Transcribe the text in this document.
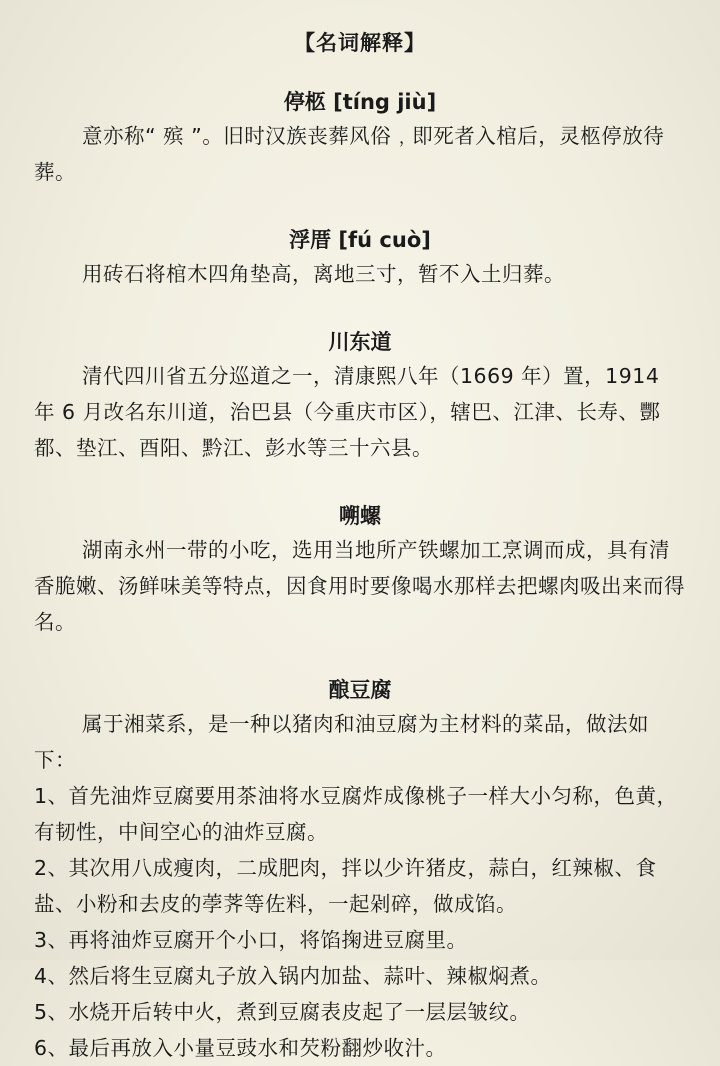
【名词解释】
停柩 [tíng jiù]

意亦称“ 殡 ”。旧时汉族丧葬风俗﹐即死者入棺后，灵柩停放待葬。

浮厝 [fú cuò]

用砖石将棺木四角垫高，离地三寸，暂不入土归葬。

川东道

清代四川省五分巡道之一，清康熙八年（1669 年）置，1914 年 6 月改名东川道，治巴县（今重庆市区），辖巴、江津、长寿、酆都、垫江、酉阳、黔江、彭水等三十六县。

嗍螺

湖南永州一带的小吃，选用当地所产铁螺加工烹调而成，具有清香脆嫩、汤鲜味美等特点，因食用时要像喝水那样去把螺肉吸出来而得名。

酿豆腐

属于湘菜系，是一种以猪肉和油豆腐为主材料的菜品，做法如下：

1、首先油炸豆腐要用茶油将水豆腐炸成像桃子一样大小匀称，色黄，有韧性，中间空心的油炸豆腐。
2、其次用八成瘦肉，二成肥肉，拌以少许猪皮，蒜白，红辣椒、食盐、小粉和去皮的荸荠等佐料，一起剁碎，做成馅。
3、再将油炸豆腐开个小口，将馅掬进豆腐里。
4、然后将生豆腐丸子放入锅内加盐、蒜叶、辣椒焖煮。
5、水烧开后转中火，煮到豆腐表皮起了一层层皱纹。
6、最后再放入小量豆豉水和芡粉翻炒收汁。
